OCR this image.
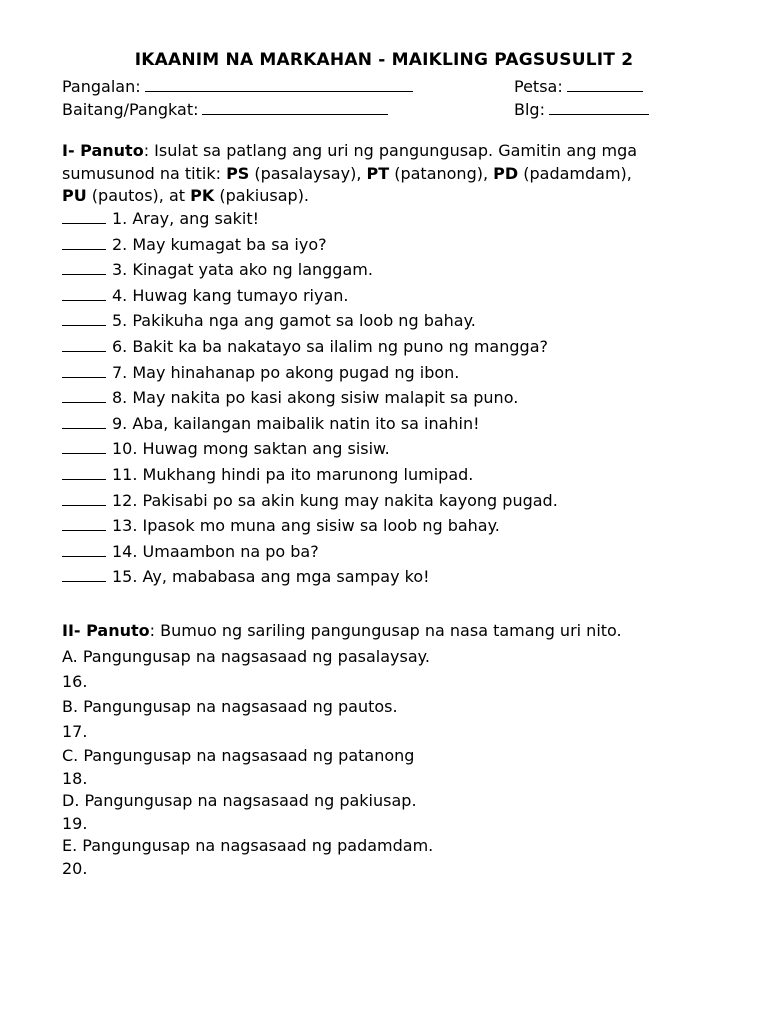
IKAANIM NA MARKAHAN - MAIKLING PAGSUSULIT 2
Pangalan:	Petsa:
Baitang/Pangkat:	Blg:
I- Panuto: Isulat sa patlang ang uri ng pangungusap. Gamitin ang mga sumusunod na titik: PS (pasalaysay), PT (patanong), PD (padamdam),
PU (pautos), at PK (pakiusap).
1. Aray, ang sakit!
2. May kumagat ba sa iyo?
3. Kinagat yata ako ng langgam.
4. Huwag kang tumayo riyan.
5. Pakikuha nga ang gamot sa loob ng bahay.
6. Bakit ka ba nakatayo sa ilalim ng puno ng mangga?
7. May hinahanap po akong pugad ng ibon.
8. May nakita po kasi akong sisiw malapit sa puno.
9. Aba, kailangan maibalik natin ito sa inahin!
10. Huwag mong saktan ang sisiw.
11. Mukhang hindi pa ito marunong lumipad.
12. Pakisabi po sa akin kung may nakita kayong pugad.
13. Ipasok mo muna ang sisiw sa loob ng bahay.
14. Umaambon na po ba?
15. Ay, mababasa ang mga sampay ko!
II- Panuto: Bumuo ng sariling pangungusap na nasa tamang uri nito.
A. Pangungusap na nagsasaad ng pasalaysay.
16.
B. Pangungusap na nagsasaad ng pautos.
17.
C. Pangungusap na nagsasaad ng patanong
18.
D. Pangungusap na nagsasaad ng pakiusap.
19.
E. Pangungusap na nagsasaad ng padamdam.
20.
